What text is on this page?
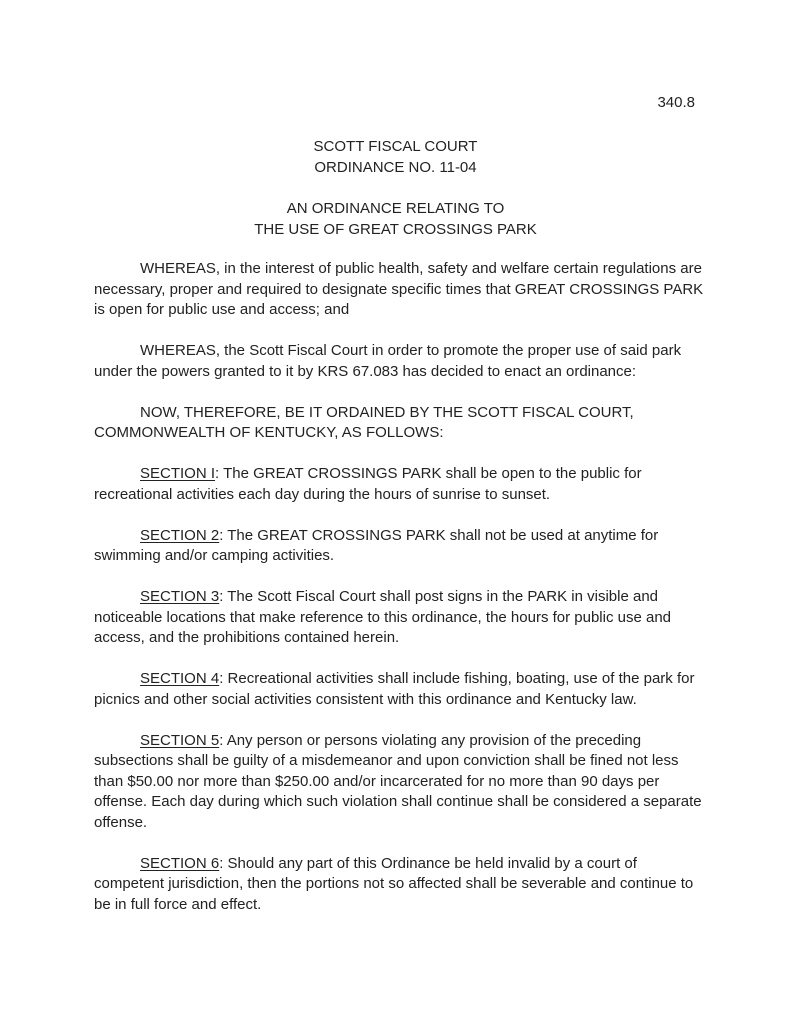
340.8
SCOTT FISCAL COURT
ORDINANCE NO. 11-04
AN ORDINANCE RELATING TO
THE USE OF GREAT CROSSINGS PARK

WHEREAS, in the interest of public health, safety and welfare certain regulations are necessary, proper and required to designate specific times that GREAT CROSSINGS PARK is open for public use and access; and

WHEREAS, the Scott Fiscal Court in order to promote the proper use of said park under the powers granted to it by KRS 67.083 has decided to enact an ordinance:

NOW, THEREFORE, BE IT ORDAINED BY THE SCOTT FISCAL COURT, COMMONWEALTH OF KENTUCKY, AS FOLLOWS:

SECTION I: The GREAT CROSSINGS PARK shall be open to the public for recreational activities each day during the hours of sunrise to sunset.

SECTION 2: The GREAT CROSSINGS PARK shall not be used at anytime for swimming and/or camping activities.

SECTION 3: The Scott Fiscal Court shall post signs in the PARK in visible and noticeable locations that make reference to this ordinance, the hours for public use and access, and the prohibitions contained herein.

SECTION 4: Recreational activities shall include fishing, boating, use of the park for picnics and other social activities consistent with this ordinance and Kentucky law.

SECTION 5: Any person or persons violating any provision of the preceding subsections shall be guilty of a misdemeanor and upon conviction shall be fined not less than $50.00 nor more than $250.00 and/or incarcerated for no more than 90 days per offense. Each day during which such violation shall continue shall be considered a separate offense.

SECTION 6: Should any part of this Ordinance be held invalid by a court of competent jurisdiction, then the portions not so affected shall be severable and continue to be in full force and effect.
